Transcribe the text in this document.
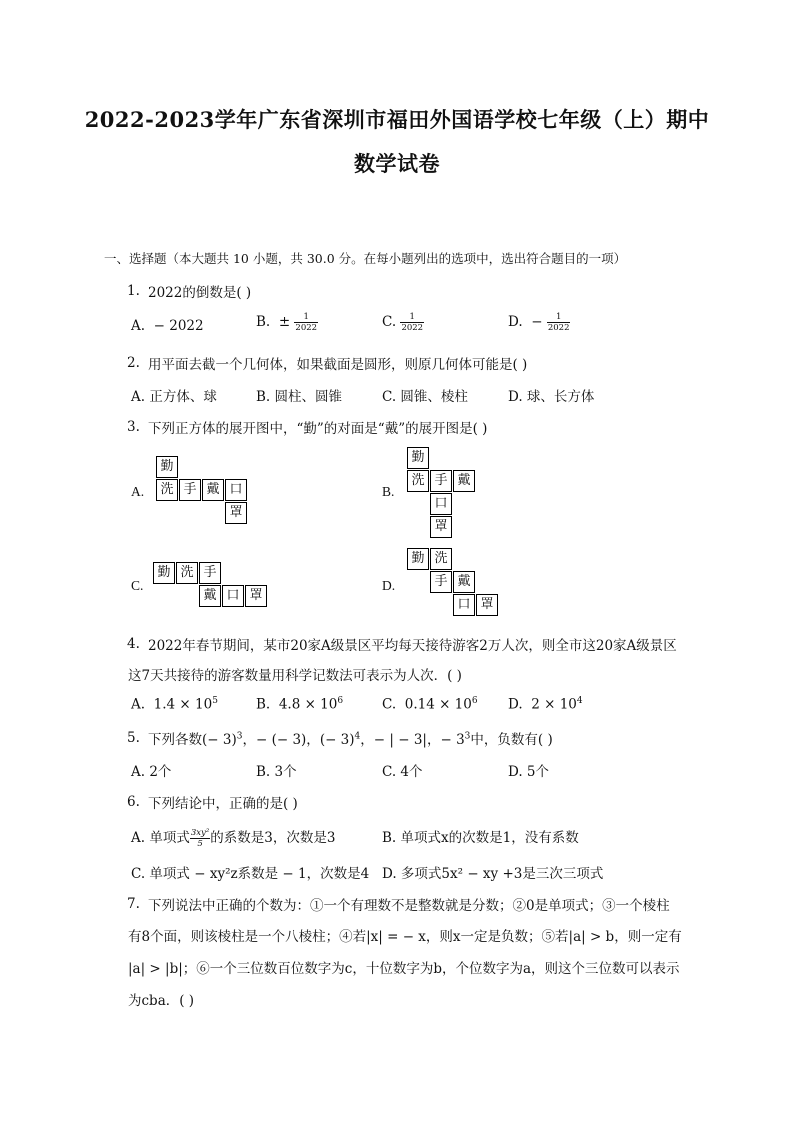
2022-2023学年广东省深圳市福田外国语学校七年级（上）期中
数学试卷
一、选择题（本大题共 10 小题，共 30.0 分。在每小题列出的选项中，选出符合题目的一项）
1. 2022的倒数是( )
A. − 2022	B. ± $\frac{1}{2022}$	C. $\frac{1}{2022}$	D. − $\frac{1}{2022}$
2. 用平面去截一个几何体，如果截面是圆形，则原几何体可能是( )
A. 正方体、球	B. 圆柱、圆锥	C. 圆锥、棱柱	D. 球、长方体
3. 下列正方体的展开图中，“勤”的对面是“戴”的展开图是( )
A.
勤
洗 手 戴 口
罩
B.
勤
洗 手 戴
口
罩
C.
勤 洗 手
戴 口 罩
D.
勤 洗
手 戴
口 罩
4. 2022年春节期间，某市20家A级景区平均每天接待游客2万人次，则全市这20家A级景区
这7天共接待的游客数量用科学记数法可表示为人次．( )
A. $1.4 \times 10^5$	B. $4.8 \times 10^6$	C. $0.14 \times 10^6$ D. $2 \times 10^4$
5. 下列各数(− 3)$^3$，− (− 3)，(− 3)$^4$，− | − 3|，− $3^3$中，负数有( )
A. 2个	B. 3个	C. 4个	D. 5个
6. 下列结论中，正确的是( )
A. 单项式 $\frac{\text{3xy²}}{5}$ 的系数是3，次数是3	B. 单项式x的次数是1，没有系数
C. 单项式 − xy²z系数是 − 1，次数是4 D. 多项式5x² − xy +3是三次三项式
7. 下列说法中正确的个数为：①一个有理数不是整数就是分数；②0是单项式；③一个棱柱
有8个面，则该棱柱是一个八棱柱；④若|x| = − x，则x一定是负数；⑤若|a| > b，则一定有
|a| > |b|；⑥一个三位数百位数字为c，十位数字为b，个位数字为a，则这个三位数可以表示
为cba．( )
